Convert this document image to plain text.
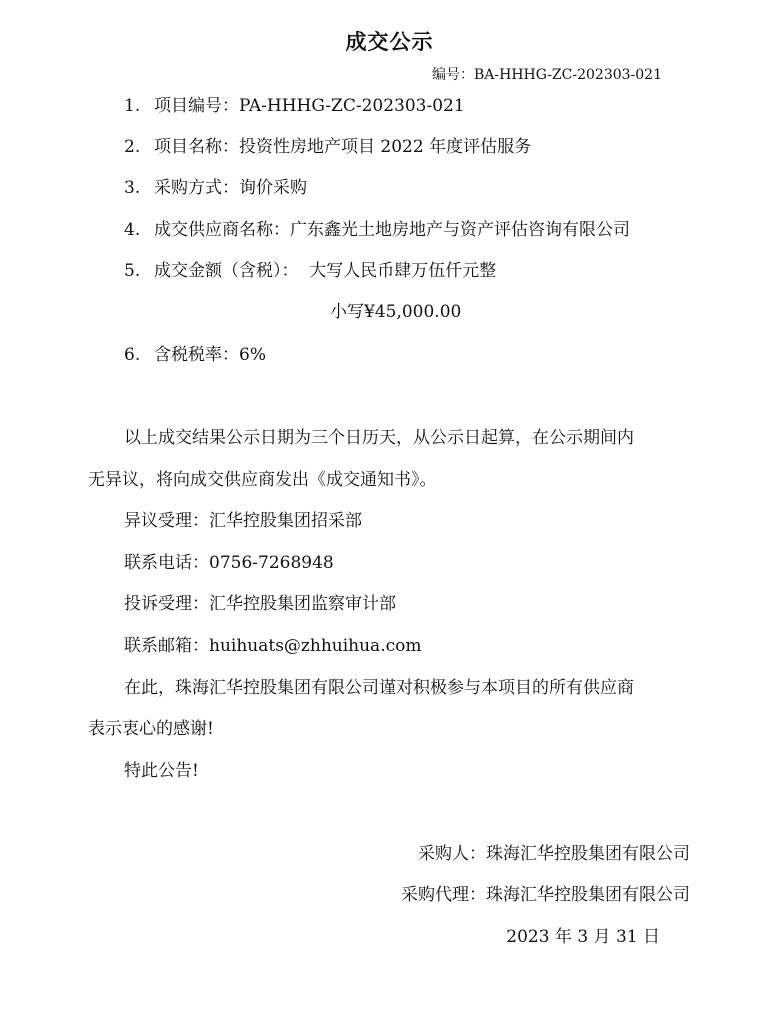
成交公示
编号：BA-HHHG-ZC-202303-021
1. 项目编号：PA-HHHG-ZC-202303-021
2. 项目名称：投资性房地产项目 2022 年度评估服务
3. 采购方式：询价采购
4. 成交供应商名称：广东鑫光土地房地产与资产评估咨询有限公司
5. 成交金额（含税）：  大写人民币肆万伍仟元整
小写¥45,000.00
6. 含税税率：6%
以上成交结果公示日期为三个日历天，从公示日起算，在公示期间内
无异议，将向成交供应商发出《成交通知书》。
异议受理：汇华控股集团招采部
联系电话：0756-7268948
投诉受理：汇华控股集团监察审计部
联系邮箱：huihuats@zhhuihua.com
在此，珠海汇华控股集团有限公司谨对积极参与本项目的所有供应商
表示衷心的感谢!
特此公告!
采购人：珠海汇华控股集团有限公司
采购代理：珠海汇华控股集团有限公司
2023 年 3 月 31 日
